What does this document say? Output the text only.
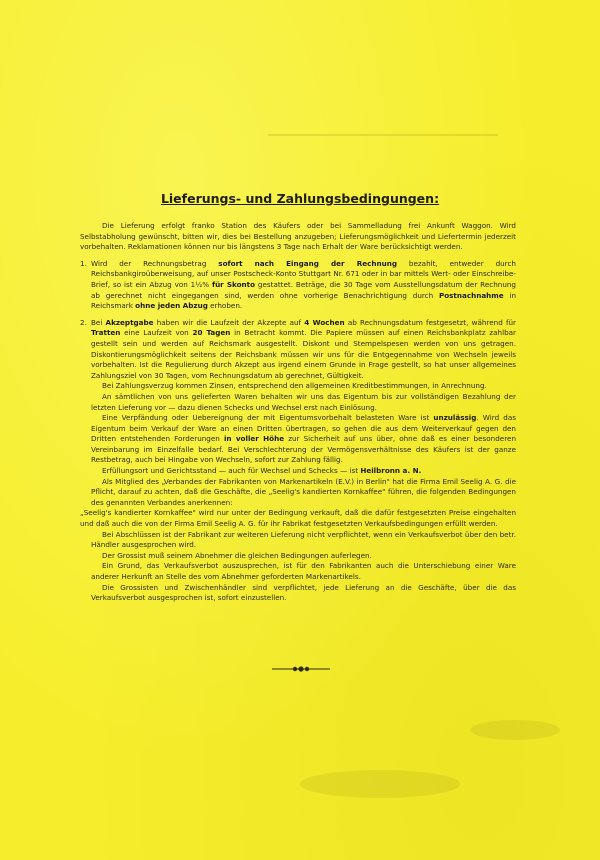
Lieferungs- und Zahlungsbedingungen:

Die Lieferung erfolgt franko Station des Käufers oder bei Sammelladung frei Ankunft Waggon. Wird Selbstabholung gewünscht, bitten wir, dies bei Bestellung anzugeben; Lieferungsmöglichkeit und Liefertermin jederzeit vorbehalten. Reklamationen können nur bis längstens 3 Tage nach Erhalt der Ware berücksichtigt werden.

1. Wird der Rechnungsbetrag sofort nach Eingang der Rechnung bezahlt, entweder durch Reichsbankgiroüberweisung, auf unser Postscheck-Konto Stuttgart Nr. 671 oder in bar mittels Wert- oder Einschreibe-Brief, so ist ein Abzug von 1½% für Skonto gestattet. Beträge, die 30 Tage vom Ausstellungsdatum der Rechnung ab gerechnet nicht eingegangen sind, werden ohne vorherige Benachrichtigung durch Postnachnahme in Reichsmark ohne jeden Abzug erhoben.

2. Bei Akzeptgabe haben wir die Laufzeit der Akzepte auf 4 Wochen ab Rechnungsdatum festgesetzt, während für Tratten eine Laufzeit von 20 Tagen in Betracht kommt. Die Papiere müssen auf einen Reichsbankplatz zahlbar gestellt sein und werden auf Reichsmark ausgestellt. Diskont und Stempelspesen werden von uns getragen. Diskontierungsmöglichkeit seitens der Reichsbank müssen wir uns für die Entgegennahme von Wechseln jeweils vorbehalten. Ist die Regulierung durch Akzept aus irgend einem Grunde in Frage gestellt, so hat unser allgemeines Zahlungsziel von 30 Tagen, vom Rechnungsdatum ab gerechnet, Gültigkeit.

Bei Zahlungsverzug kommen Zinsen, entsprechend den allgemeinen Kreditbestimmungen, in Anrechnung.

An sämtlichen von uns gelieferten Waren behalten wir uns das Eigentum bis zur vollständigen Bezahlung der letzten Lieferung vor — dazu dienen Schecks und Wechsel erst nach Einlösung.

Eine Verpfändung oder Uebereignung der mit Eigentumsvorbehalt belasteten Ware ist unzulässig. Wird das Eigentum beim Verkauf der Ware an einen Dritten übertragen, so gehen die aus dem Weiterverkauf gegen den Dritten entstehenden Forderungen in voller Höhe zur Sicherheit auf uns über, ohne daß es einer besonderen Vereinbarung im Einzelfalle bedarf. Bei Verschlechterung der Vermögensverhältnisse des Käufers ist der ganze Restbetrag, auch bei Hingabe von Wechseln, sofort zur Zahlung fällig.

Erfüllungsort und Gerichtsstand — auch für Wechsel und Schecks — ist Heilbronn a. N.

Als Mitglied des „Verbandes der Fabrikanten von Markenartikeln (E.V.) in Berlin" hat die Firma Emil Seelig A. G. die Pflicht, darauf zu achten, daß die Geschäfte, die „Seelig's kandierten Kornkaffee" führen, die folgenden Bedingungen des genannten Verbandes anerkennen:

„Seelig's kandierter Kornkaffee" wird nur unter der Bedingung verkauft, daß die dafür festgesetzten Preise eingehalten und daß auch die von der Firma Emil Seelig A. G. für ihr Fabrikat festgesetzten Verkaufsbedingungen erfüllt werden.

Bei Abschlüssen ist der Fabrikant zur weiteren Lieferung nicht verpflichtet, wenn ein Verkaufsverbot über den betr. Händler ausgesprochen wird.

Der Grossist muß seinem Abnehmer die gleichen Bedingungen auferlegen.

Ein Grund, das Verkaufsverbot auszusprechen, ist für den Fabrikanten auch die Unterschiebung einer Ware anderer Herkunft an Stelle des vom Abnehmer geforderten Markenartikels.

Die Grossisten und Zwischenhändler sind verpflichtet, jede Lieferung an die Geschäfte, über die das Verkaufsverbot ausgesprochen ist, sofort einzustellen.
